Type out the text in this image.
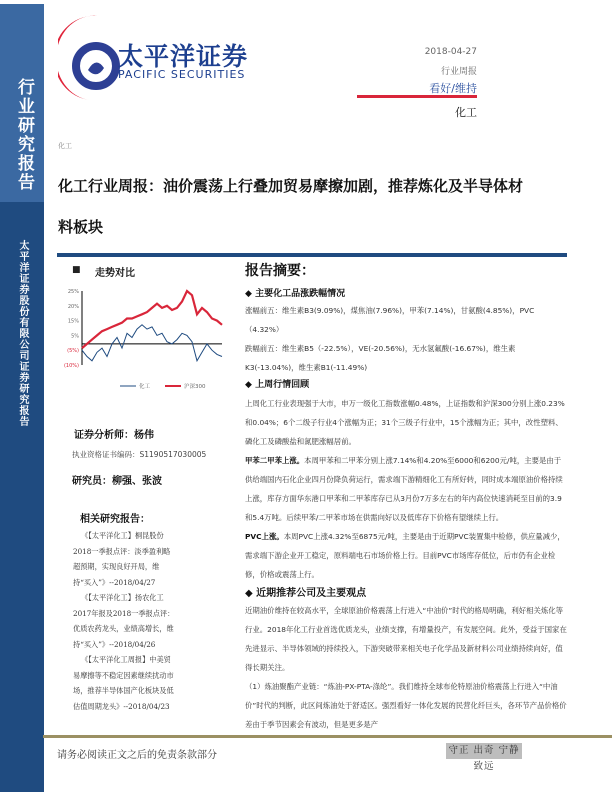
行业研究报告
太平洋证券股份有限公司证券研究报告
太平洋证券
PACIFIC SECURITIES
2018-04-27
行业周报
看好/维持
化工
化工
化工行业周报：油价震荡上行叠加贸易摩擦加剧，推荐炼化及半导体材
料板块
■ 走势对比
25%
20%
15%
5%
(5%)
(10%)
化工	沪深300
证券分析师：杨伟
执业资格证书编码：S1190517030005
研究员：柳强、张波
相关研究报告：
《【太平洋化工】桐昆股份2018一季报点评：淡季盈利略超预期，实现良好开局，维持“买入”》--2018/04/27
《【太平洋化工】扬农化工2017年报及2018一季报点评：优质农药龙头，业绩高增长，维持“买入”》--2018/04/26
《【太平洋化工周报】中美贸易摩擦等不稳定因素继续扰动市场，推荐半导体国产化板块及低估值周期龙头》--2018/04/23
报告摘要：
◆ 主要化工品涨跌幅情况
涨幅前五：维生素B3(9.09%)，煤焦油(7.96%)，甲苯(7.14%)，甘氨酸(4.85%)，PVC（4.32%）
跌幅前五：维生素B5（-22.5%），VE(-20.56%)，无水氢氟酸(-16.67%)，维生素K3(-13.04%)，维生素B1(-11.49%)
◆ 上周行情回顾
上周化工行业表现强于大市，申万一级化工指数涨幅0.48%，上证指数和沪深300分别上涨0.23%和0.04%；6个二级子行业4个涨幅为正；31个三级子行业中，15个涨幅为正；其中，改性塑料、磷化工及磷酸盐和氮肥涨幅居前。
甲苯二甲苯上涨。本周甲苯和二甲苯分别上涨7.14%和4.20%至6000和6200元/吨，主要是由于供给端国内石化企业四月份降负荷运行，需求端下游精细化工有所好转，同时成本端原油价格持续上涨，库存方面华东港口甲苯和二甲苯库存已从3月份7万多左右的年内高位快速消耗至目前的3.9和5.4万吨。后续甲苯/二甲苯市场在供需向好以及低库存下价格有望继续上行。
PVC上涨。本周PVC上涨4.32%至6875元/吨，主要是由于近期PVC装置集中检修，供应量减少，需求端下游企业开工稳定，原料端电石市场价格上行。目前PVC市场库存低位，后市仍有企业检修，价格或震荡上行。
◆ 近期推荐公司及主要观点
近期油价维持在较高水平，全球原油价格震荡上行进入“中油价”时代的格局明确，利好相关炼化等行业。2018年化工行业首选优质龙头，业绩支撑，有增量投产，有发展空间。此外，受益于国家在先进显示、半导体领域的持续投入，下游突破带来相关电子化学品及新材料公司业绩持续向好，值得长期关注。
（1）炼油聚酯产业链：“炼油-PX-PTA-涤纶”。我们维持全球布伦特原油价格震荡上行进入“中油价”时代的判断，此区间炼油处于舒适区。强烈看好一体化发展的民营化纤巨头，各环节产品价格价差由于季节因素会有波动，但是更多是产
请务必阅读正文之后的免责条款部分	守正 出奇 宁静 致远
